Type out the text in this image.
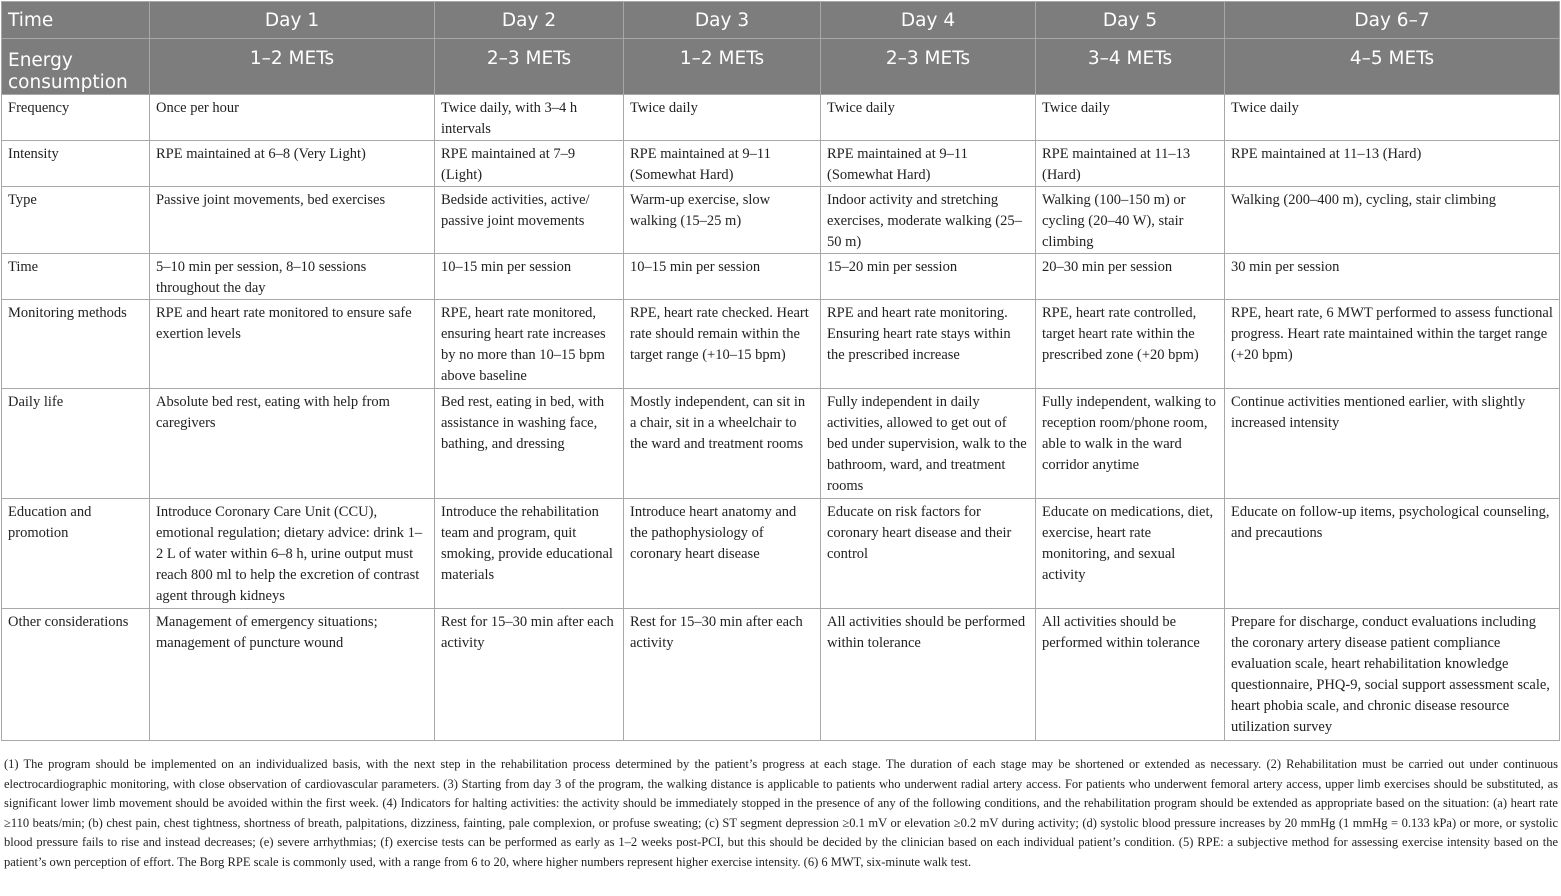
Time	Day 1	Day 2	Day 3	Day 4	Day 5	Day 6–7
Energy consumption	1–2 METs	2–3 METs	1–2 METs	2–3 METs	3–4 METs	4–5 METs
Frequency	Once per hour	Twice daily, with 3–4 h intervals	Twice daily	Twice daily	Twice daily	Twice daily
Intensity	RPE maintained at 6–8 (Very Light)	RPE maintained at 7–9 (Light)	RPE maintained at 9–11 (Somewhat Hard)	RPE maintained at 9–11 (Somewhat Hard)	RPE maintained at 11–13 (Hard)	RPE maintained at 11–13 (Hard)
Type	Passive joint movements, bed exercises	Bedside activities, active/ passive joint movements	Warm-up exercise, slow walking (15–25 m)	Indoor activity and stretching exercises, moderate walking (25–50 m)	Walking (100–150 m) or cycling (20–40 W), stair climbing	Walking (200–400 m), cycling, stair climbing
Time	5–10 min per session, 8–10 sessions throughout the day	10–15 min per session	10–15 min per session	15–20 min per session	20–30 min per session	30 min per session
Monitoring methods	RPE and heart rate monitored to ensure safe exertion levels	RPE, heart rate monitored, ensuring heart rate increases by no more than 10–15 bpm above baseline	RPE, heart rate checked. Heart rate should remain within the target range (+10–15 bpm)	RPE and heart rate monitoring. Ensuring heart rate stays within the prescribed increase	RPE, heart rate controlled, target heart rate within the prescribed zone (+20 bpm)	RPE, heart rate, 6 MWT performed to assess functional progress. Heart rate maintained within the target range (+20 bpm)
Daily life	Absolute bed rest, eating with help from caregivers	Bed rest, eating in bed, with assistance in washing face, bathing, and dressing	Mostly independent, can sit in a chair, sit in a wheelchair to the ward and treatment rooms	Fully independent in daily activities, allowed to get out of bed under supervision, walk to the bathroom, ward, and treatment rooms	Fully independent, walking to reception room/phone room, able to walk in the ward corridor anytime	Continue activities mentioned earlier, with slightly increased intensity
Education and promotion	Introduce Coronary Care Unit (CCU), emotional regulation; dietary advice: drink 1–2 L of water within 6–8 h, urine output must reach 800 ml to help the excretion of contrast agent through kidneys	Introduce the rehabilitation team and program, quit smoking, provide educational materials	Introduce heart anatomy and the pathophysiology of coronary heart disease	Educate on risk factors for coronary heart disease and their control	Educate on medications, diet, exercise, heart rate monitoring, and sexual activity	Educate on follow-up items, psychological counseling, and precautions
Other considerations	Management of emergency situations; management of puncture wound	Rest for 15–30 min after each activity	Rest for 15–30 min after each activity	All activities should be performed within tolerance	All activities should be performed within tolerance	Prepare for discharge, conduct evaluations including the coronary artery disease patient compliance evaluation scale, heart rehabilitation knowledge questionnaire, PHQ-9, social support assessment scale, heart phobia scale, and chronic disease resource utilization survey

(1) The program should be implemented on an individualized basis, with the next step in the rehabilitation process determined by the patient’s progress at each stage. The duration of each stage may be shortened or extended as necessary. (2) Rehabilitation must be carried out under continuous electrocardiographic monitoring, with close observation of cardiovascular parameters. (3) Starting from day 3 of the program, the walking distance is applicable to patients who underwent radial artery access. For patients who underwent femoral artery access, upper limb exercises should be substituted, as significant lower limb movement should be avoided within the first week. (4) Indicators for halting activities: the activity should be immediately stopped in the presence of any of the following conditions, and the rehabilitation program should be extended as appropriate based on the situation: (a) heart rate ≥110 beats/min; (b) chest pain, chest tightness, shortness of breath, palpitations, dizziness, fainting, pale complexion, or profuse sweating; (c) ST segment depression ≥0.1 mV or elevation ≥0.2 mV during activity; (d) systolic blood pressure increases by 20 mmHg (1 mmHg = 0.133 kPa) or more, or systolic blood pressure fails to rise and instead decreases; (e) severe arrhythmias; (f) exercise tests can be performed as early as 1–2 weeks post-PCI, but this should be decided by the clinician based on each individual patient’s condition. (5) RPE: a subjective method for assessing exercise intensity based on the patient’s own perception of effort. The Borg RPE scale is commonly used, with a range from 6 to 20, where higher numbers represent higher exercise intensity. (6) 6 MWT, six-minute walk test.
